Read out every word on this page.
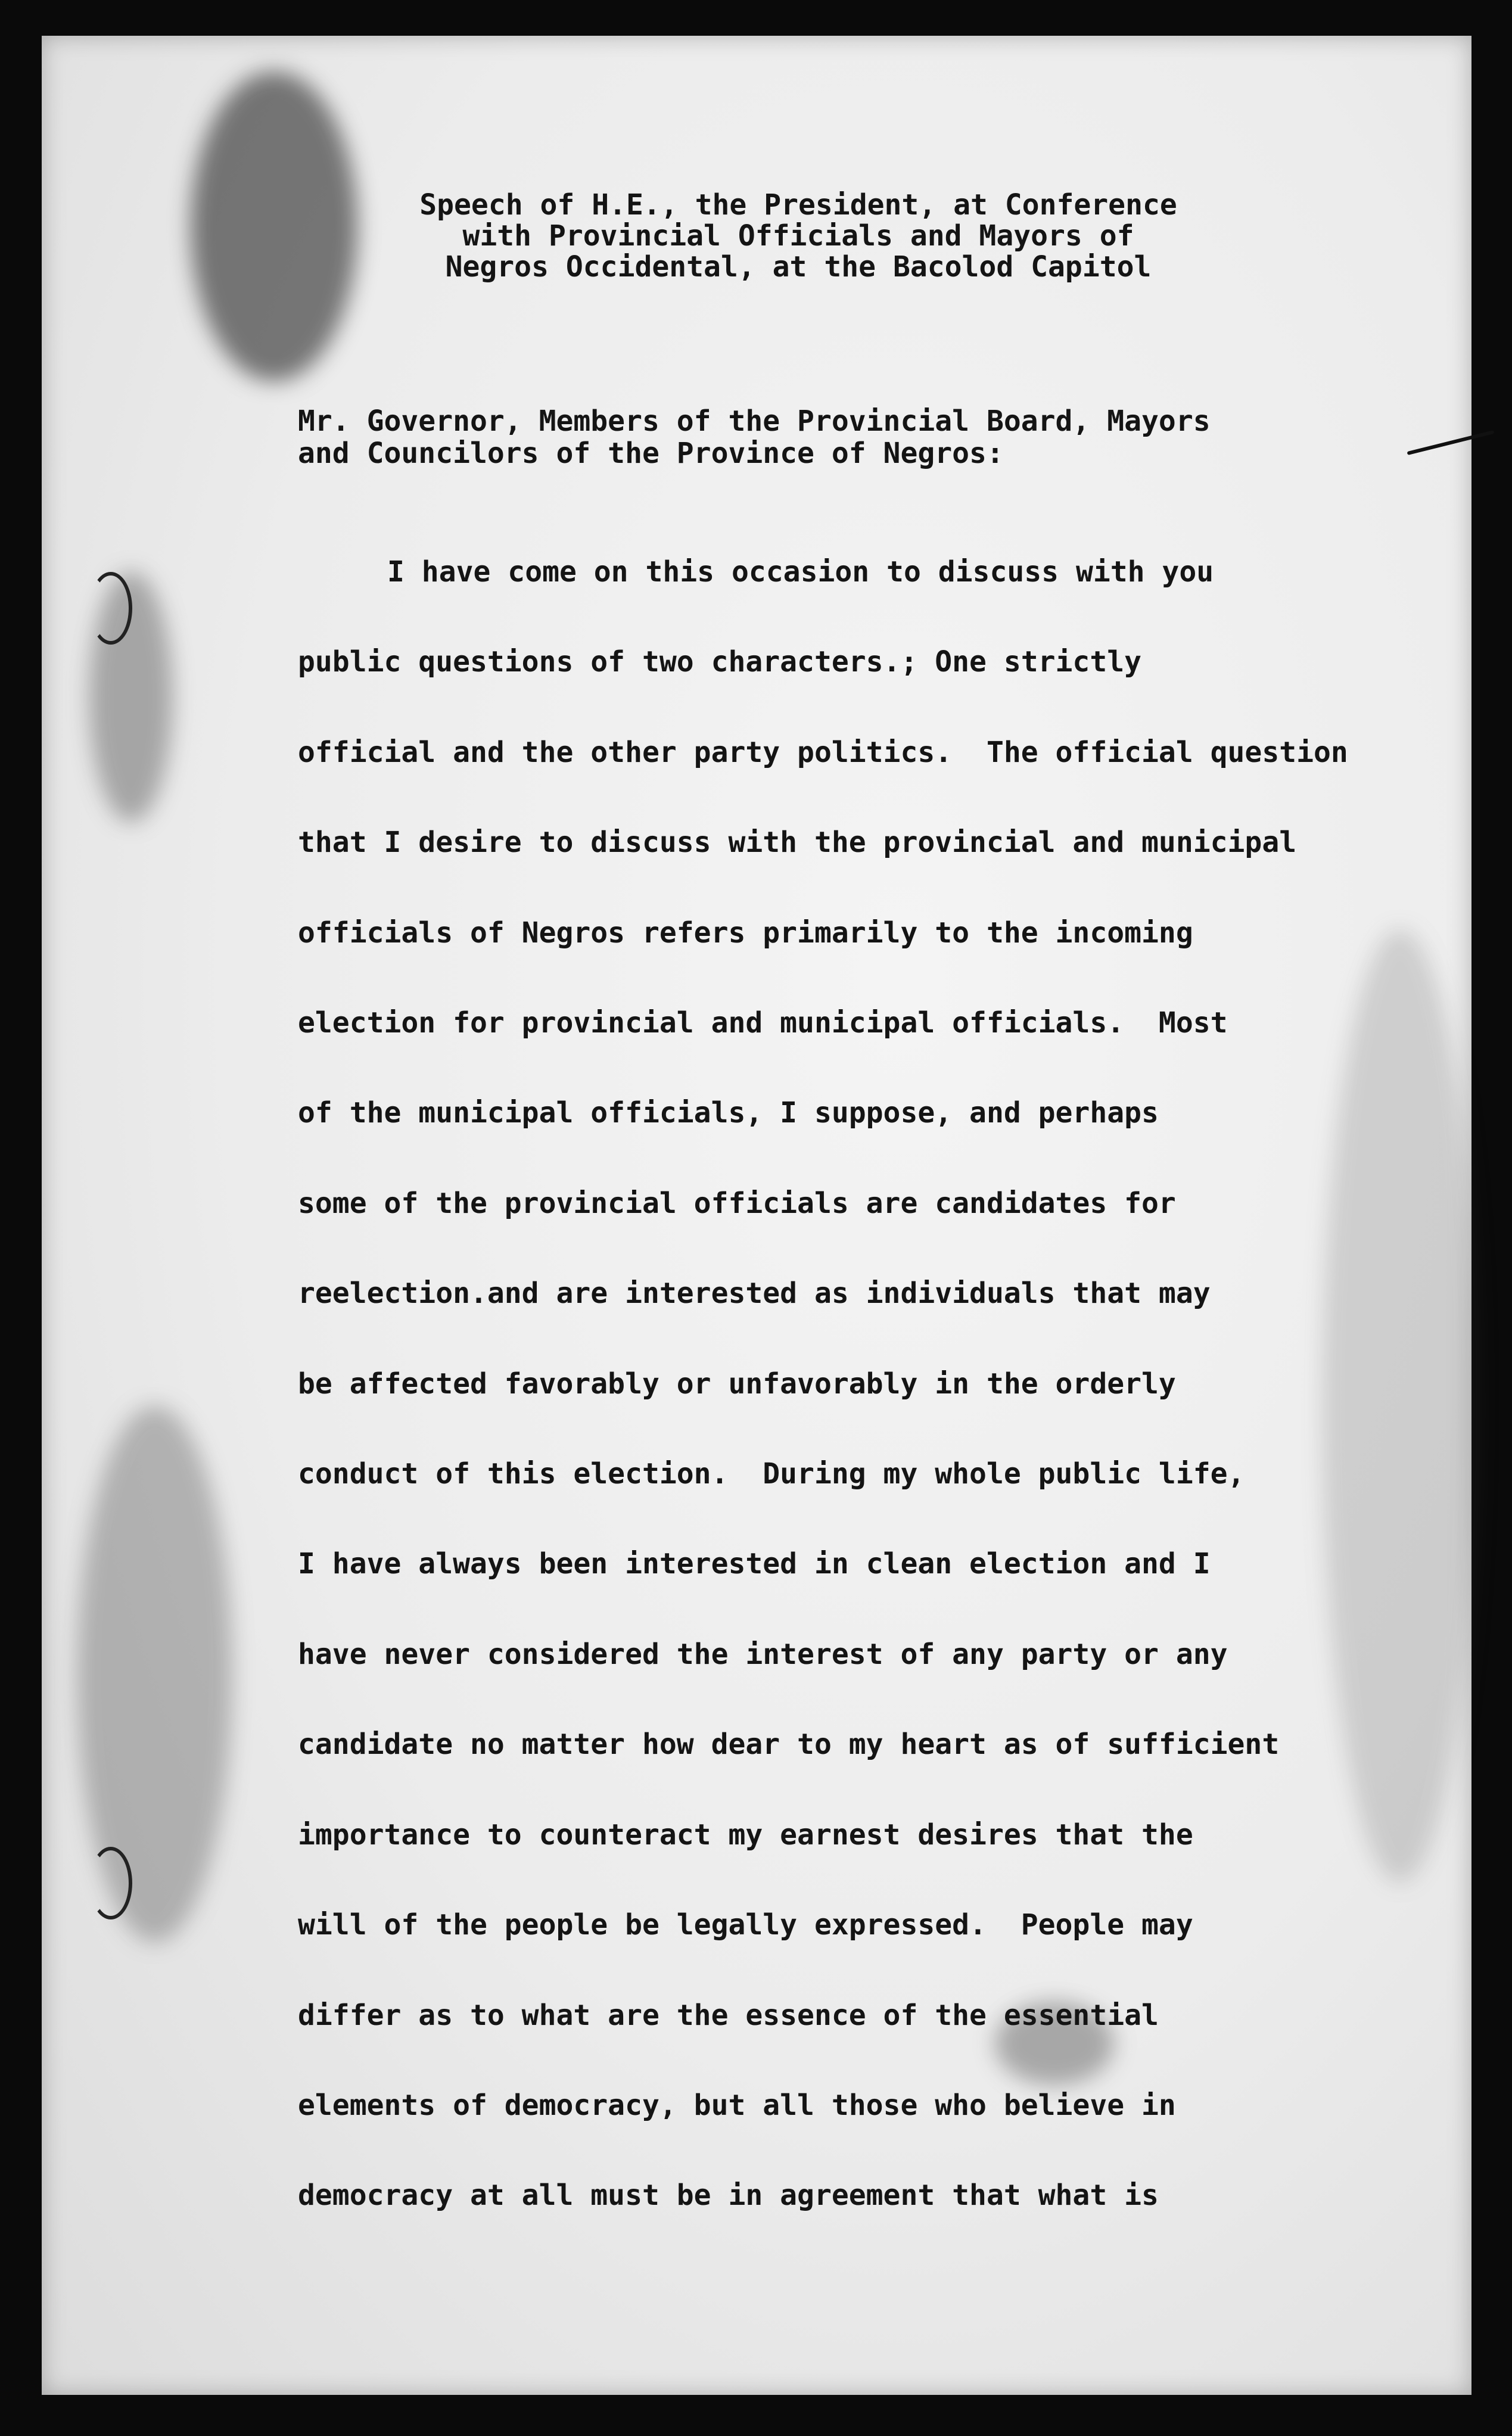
Speech of H.E., the President, at Conference
with Provincial Officials and Mayors of
Negros Occidental, at the Bacolod Capitol
Mr. Governor, Members of the Provincial Board, Mayors
and Councilors of the Province of Negros:
I have come on this occasion to discuss with you
public questions of two characters.; One strictly
official and the other party politics.  The official question
that I desire to discuss with the provincial and municipal
officials of Negros refers primarily to the incoming
election for provincial and municipal officials.  Most
of the municipal officials, I suppose, and perhaps
some of the provincial officials are candidates for
reelection.and are interested as individuals that may
be affected favorably or unfavorably in the orderly
conduct of this election.  During my whole public life,
I have always been interested in clean election and I
have never considered the interest of any party or any
candidate no matter how dear to my heart as of sufficient
importance to counteract my earnest desires that the
will of the people be legally expressed.  People may
differ as to what are the essence of the essential
elements of democracy, but all those who believe in
democracy at all must be in agreement that what is
